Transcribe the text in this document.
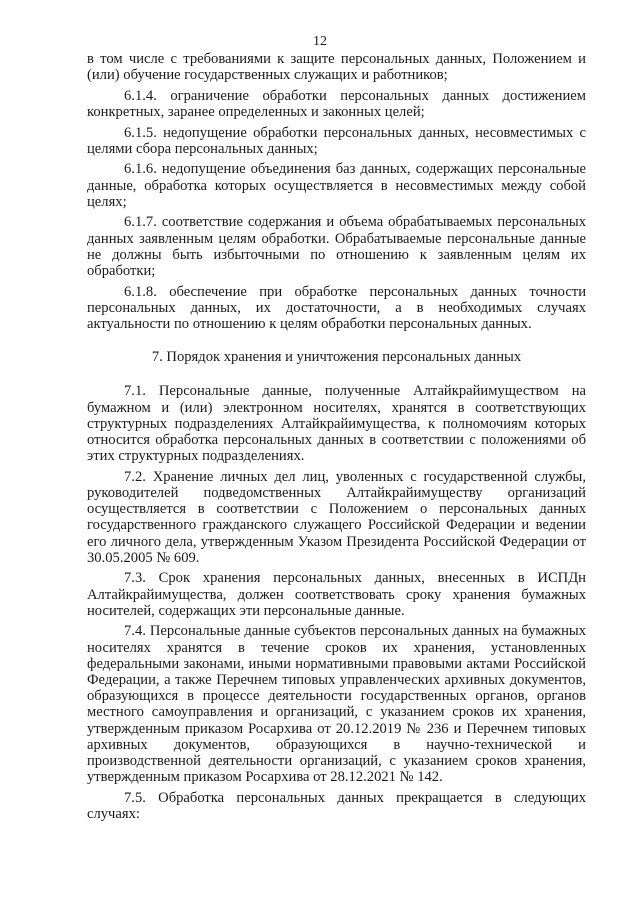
12

в том числе с требованиями к защите персональных данных, Положением и (или) обучение государственных служащих и работников;

6.1.4. ограничение обработки персональных данных достижением конкретных, заранее определенных и законных целей;

6.1.5. недопущение обработки персональных данных, несовместимых с целями сбора персональных данных;

6.1.6. недопущение объединения баз данных, содержащих персональные данные, обработка которых осуществляется в несовместимых между собой целях;

6.1.7. соответствие содержания и объема обрабатываемых персональных данных заявленным целям обработки. Обрабатываемые персональные данные не должны быть избыточными по отношению к заявленным целям их обработки;

6.1.8. обеспечение при обработке персональных данных точности персональных данных, их достаточности, а в необходимых случаях актуальности по отношению к целям обработки персональных данных.

7. Порядок хранения и уничтожения персональных данных

7.1. Персональные данные, полученные Алтайкрайимуществом на бумажном и (или) электронном носителях, хранятся в соответствующих структурных подразделениях Алтайкрайимущества, к полномочиям которых относится обработка персональных данных в соответствии с положениями об этих структурных подразделениях.

7.2. Хранение личных дел лиц, уволенных с государственной службы, руководителей подведомственных Алтайкрайимуществу организаций осуществляется в соответствии с Положением о персональных данных государственного гражданского служащего Российской Федерации и ведении его личного дела, утвержденным Указом Президента Российской Федерации от 30.05.2005 № 609.

7.3. Срок хранения персональных данных, внесенных в ИСПДн Алтайкрайимущества, должен соответствовать сроку хранения бумажных носителей, содержащих эти персональные данные.

7.4. Персональные данные субъектов персональных данных на бумажных носителях хранятся в течение сроков их хранения, установленных федеральными законами, иными нормативными правовыми актами Российской Федерации, а также Перечнем типовых управленческих архивных документов, образующихся в процессе деятельности государственных органов, органов местного самоуправления и организаций, с указанием сроков их хранения, утвержденным приказом Росархива от 20.12.2019 № 236 и Перечнем типовых архивных документов, образующихся в научно-технической и производственной деятельности организаций, с указанием сроков хранения, утвержденным приказом Росархива от 28.12.2021 № 142.

7.5. Обработка персональных данных прекращается в следующих случаях:
